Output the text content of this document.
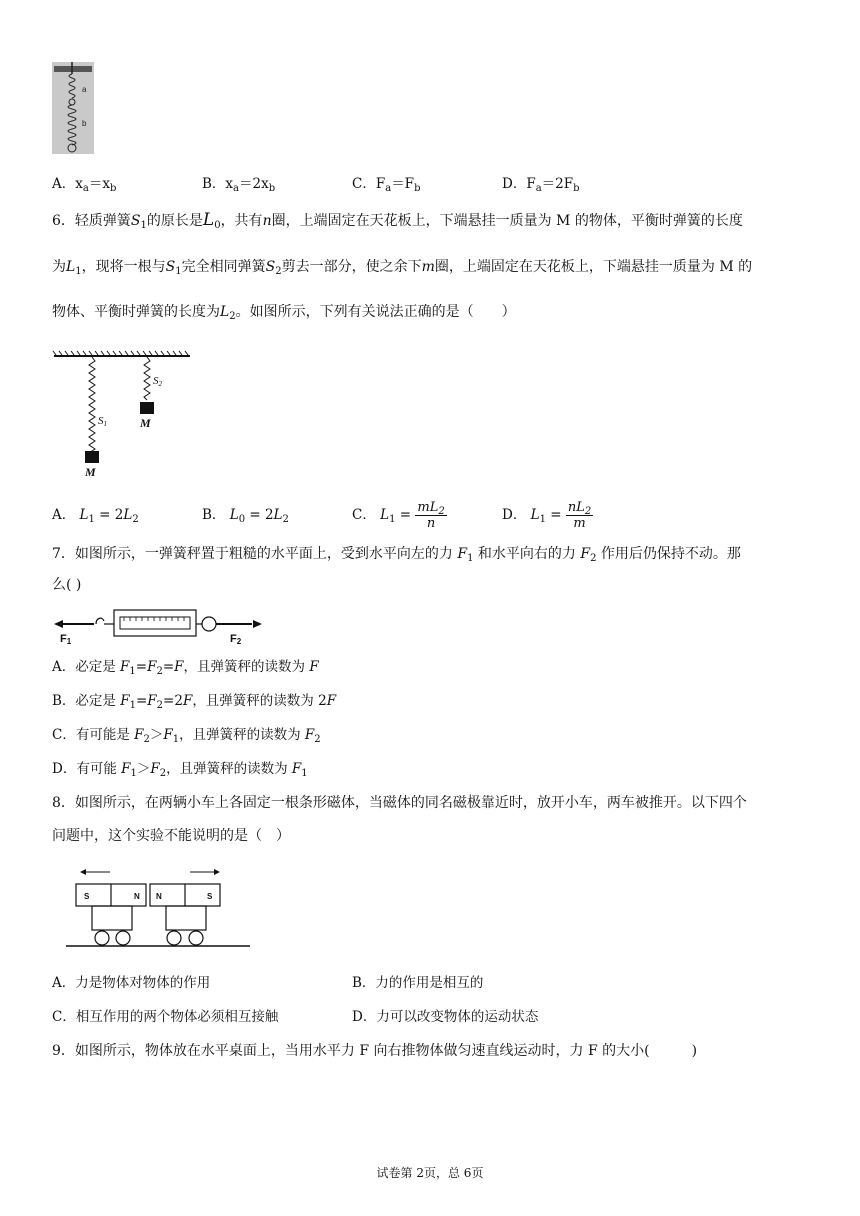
a
b
A．$x_a=x_b$	B．$x_a=2x_b$	C．$F_a=F_b$	D．$F_a=2F_b$
6．轻质弹簧$S_1$的原长是$L_0$，共有n圈，上端固定在天花板上，下端悬挂一质量为 M 的物体，平衡时弹簧的长度
为$L_1$，现将一根与$S_1$完全相同弹簧$S_2$剪去一部分，使之余下m圈，上端固定在天花板上，下端悬挂一质量为 M 的
物体、平衡时弹簧的长度为$L_2$。如图所示，下列有关说法正确的是（　　）
S1
S2
M
M
A． $L_1 = 2L_2$	B． $L_0 = 2L_2$	C． $L_1 = \frac{mL_2}{n}$	D． $L_1 = \frac{nL_2}{m}$
7．如图所示，一弹簧秤置于粗糙的水平面上，受到水平向左的力 $F_1$ 和水平向右的力 $F_2$ 作用后仍保持不动。那
么( )
F1	F2
A．必定是 $F_1=F_2=F$，且弹簧秤的读数为 F
B．必定是 $F_1=F_2=2F$，且弹簧秤的读数为 2F
C．有可能是 $F_2>F_1$，且弹簧秤的读数为 $F_2$
D．有可能 $F_1>F_2$，且弹簧秤的读数为 $F_1$
8．如图所示，在两辆小车上各固定一根条形磁体，当磁体的同名磁极靠近时，放开小车，两车被推开。以下四个
问题中，这个实验不能说明的是（　）
S	N N	S
A．力是物体对物体的作用	B．力的作用是相互的
C．相互作用的两个物体必须相互接触	D．力可以改变物体的运动状态
9．如图所示，物体放在水平桌面上，当用水平力 F 向右推物体做匀速直线运动时，力 F 的大小(　　　)
试卷第 2页，总 6页
